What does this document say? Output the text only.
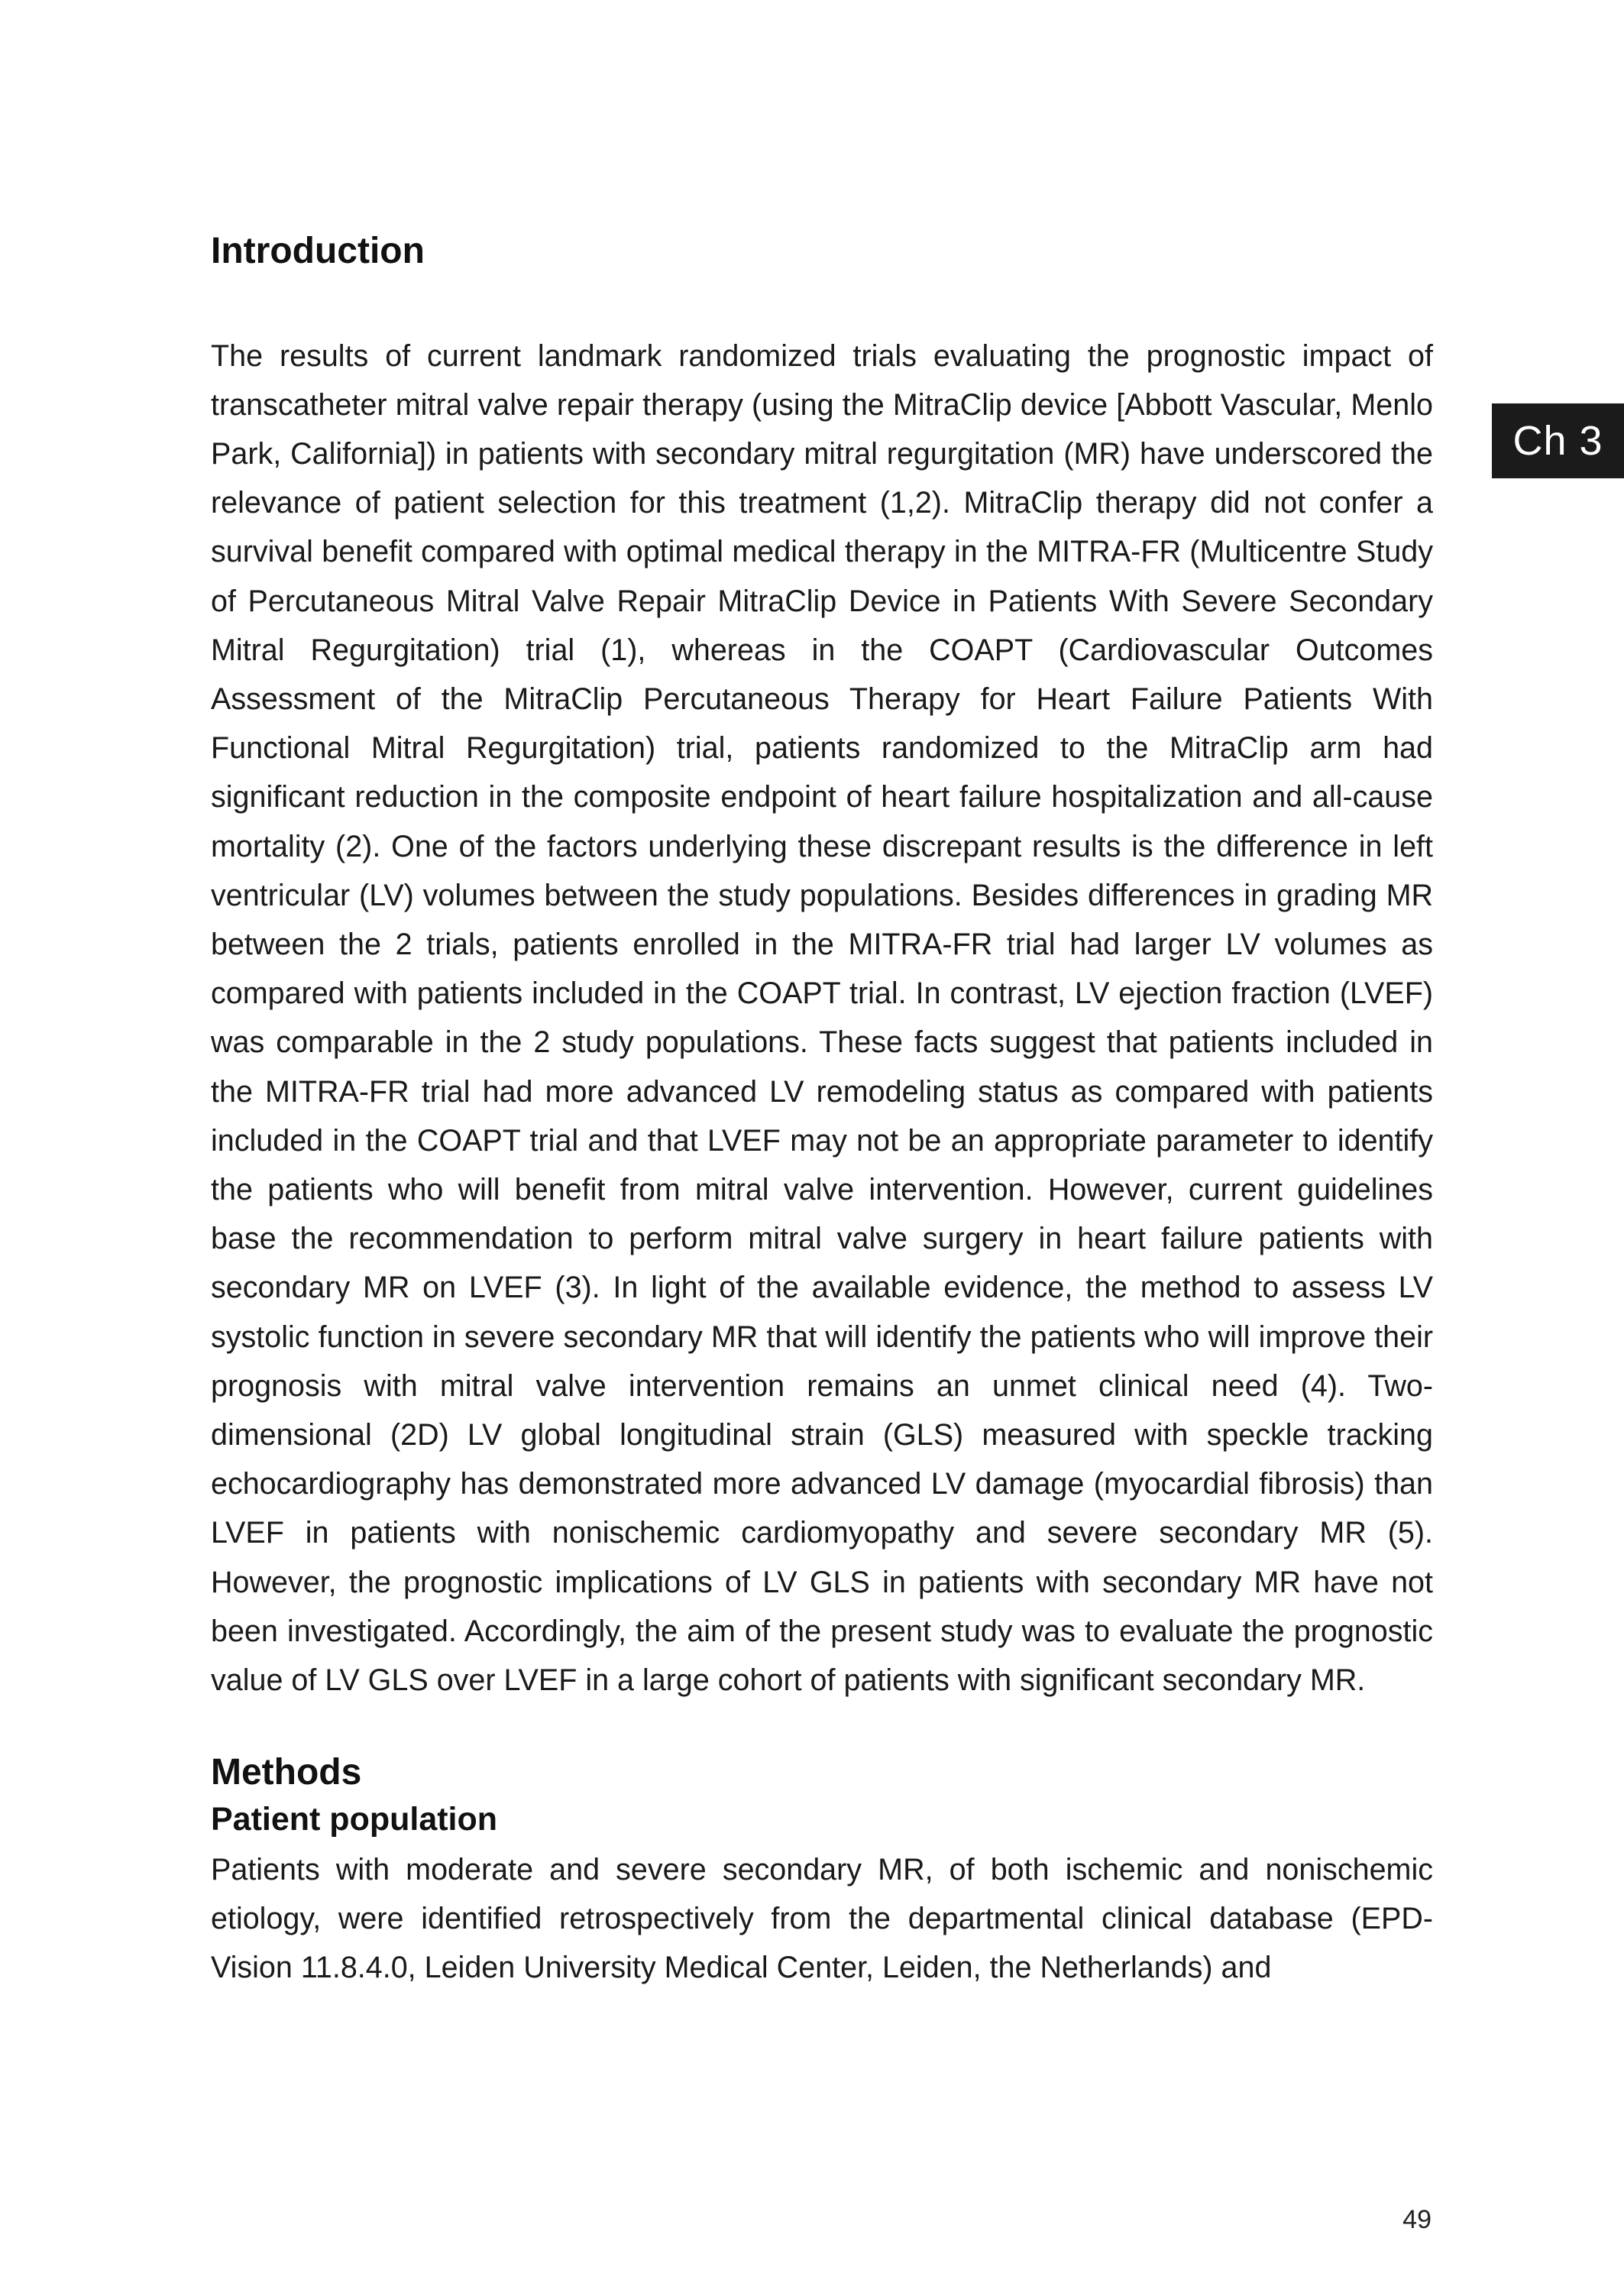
Introduction

The results of current landmark randomized trials evaluating the prognostic impact of transcatheter mitral valve repair therapy (using the MitraClip device [Abbott Vascular, Menlo Park, California]) in patients with secondary mitral regurgitation (MR) have underscored the relevance of patient selection for this treatment (1,2). MitraClip therapy did not confer a survival benefit compared with optimal medical therapy in the MITRA-FR (Multicentre Study of Percutaneous Mitral Valve Repair MitraClip Device in Patients With Severe Secondary Mitral Regurgitation) trial (1), whereas in the COAPT (Cardiovascular Outcomes Assessment of the MitraClip Percutaneous Therapy for Heart Failure Patients With Functional Mitral Regurgitation) trial, patients randomized to the MitraClip arm had significant reduction in the composite endpoint of heart failure hospitalization and all-cause mortality (2). One of the factors underlying these discrepant results is the difference in left ventricular (LV) volumes between the study populations. Besides differences in grading MR between the 2 trials, patients enrolled in the MITRA-FR trial had larger LV volumes as compared with patients included in the COAPT trial. In contrast, LV ejection fraction (LVEF) was comparable in the 2 study populations. These facts suggest that patients included in the MITRA-FR trial had more advanced LV remodeling status as compared with patients included in the COAPT trial and that LVEF may not be an appropriate parameter to identify the patients who will benefit from mitral valve intervention. However, current guidelines base the recommendation to perform mitral valve surgery in heart failure patients with secondary MR on LVEF (3). In light of the available evidence, the method to assess LV systolic function in severe secondary MR that will identify the patients who will improve their prognosis with mitral valve intervention remains an unmet clinical need (4). Two-dimensional (2D) LV global longitudinal strain (GLS) measured with speckle tracking echocardiography has demonstrated more advanced LV damage (myocardial fibrosis) than LVEF in patients with nonischemic cardiomyopathy and severe secondary MR (5). However, the prognostic implications of LV GLS in patients with secondary MR have not been investigated. Accordingly, the aim of the present study was to evaluate the prognostic value of LV GLS over LVEF in a large cohort of patients with significant secondary MR.

Methods
Patient population

Patients with moderate and severe secondary MR, of both ischemic and nonischemic etiology, were identified retrospectively from the departmental clinical database (EPD-Vision 11.8.4.0, Leiden University Medical Center, Leiden, the Netherlands) and

Ch 3
49
